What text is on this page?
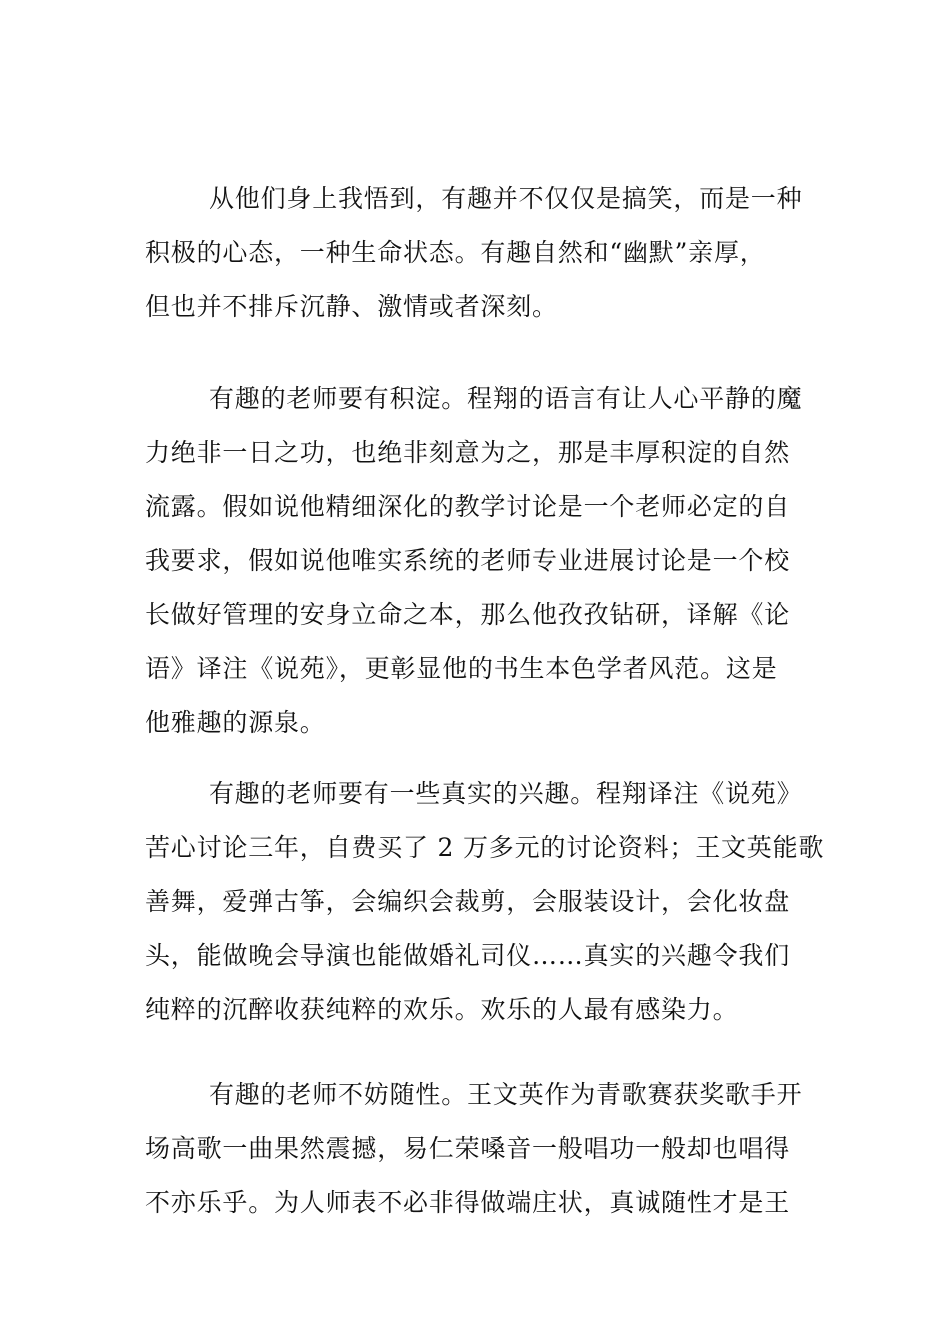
从他们身上我悟到，有趣并不仅仅是搞笑，而是一种
积极的心态，一种生命状态。有趣自然和“幽默”亲厚，
但也并不排斥沉静、激情或者深刻。
有趣的老师要有积淀。程翔的语言有让人心平静的魔
力绝非一日之功，也绝非刻意为之，那是丰厚积淀的自然
流露。假如说他精细深化的教学讨论是一个老师必定的自
我要求，假如说他唯实系统的老师专业进展讨论是一个校
长做好管理的安身立命之本，那么他孜孜钻研，译解《论
语》译注《说苑》，更彰显他的书生本色学者风范。这是
他雅趣的源泉。
有趣的老师要有一些真实的兴趣。程翔译注《说苑》
苦心讨论三年，自费买了 2 万多元的讨论资料；王文英能歌
善舞，爱弹古筝，会编织会裁剪，会服装设计，会化妆盘
头，能做晚会导演也能做婚礼司仪……真实的兴趣令我们
纯粹的沉醉收获纯粹的欢乐。欢乐的人最有感染力。
有趣的老师不妨随性。王文英作为青歌赛获奖歌手开
场高歌一曲果然震撼，易仁荣嗓音一般唱功一般却也唱得
不亦乐乎。为人师表不必非得做端庄状，真诚随性才是王
